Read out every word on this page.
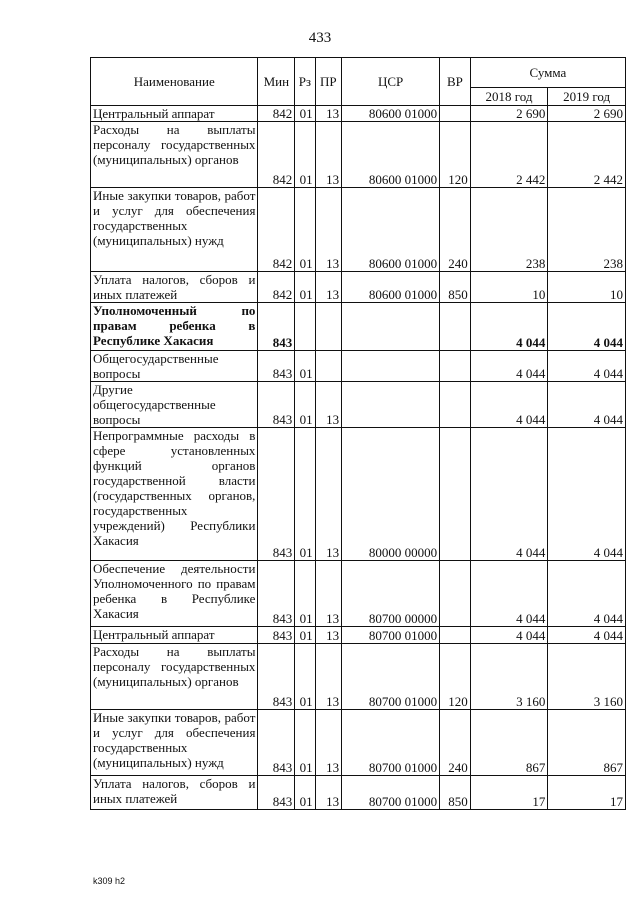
433
Наименование	Мин	Рз	ПР	ЦСР	ВР	Сумма	
						2018 год	2019 год
Центральный аппарат	842	01	13	80600 01000		2 690	2 690
Расходы на выплаты персоналу государственных (муниципальных) органов	842	01	13	80600 01000	120	2 442	2 442
Иные закупки товаров, работ и услуг для обеспечения государственных (муниципальных) нужд	842	01	13	80600 01000	240	238	238
Уплата налогов, сборов и иных платежей	842	01	13	80600 01000	850	10	10
Уполномоченный по правам ребенка в Республике Хакасия	843					4 044	4 044
Общегосударственные вопросы	843	01				4 044	4 044
Другие общегосударственные вопросы	843	01	13			4 044	4 044
Непрограммные расходы в сфере установленных функций органов государственной власти (государственных органов, государственных учреждений) Республики Хакасия	843	01	13	80000 00000		4 044	4 044
Обеспечение деятельности Уполномоченного по правам ребенка в Республике Хакасия	843	01	13	80700 00000		4 044	4 044
Центральный аппарат	843	01	13	80700 01000		4 044	4 044
Расходы на выплаты персоналу государственных (муниципальных) органов	843	01	13	80700 01000	120	3 160	3 160
Иные закупки товаров, работ и услуг для обеспечения государственных (муниципальных) нужд	843	01	13	80700 01000	240	867	867
Уплата налогов, сборов и иных платежей	843	01	13	80700 01000	850	17	17
k309 h2
